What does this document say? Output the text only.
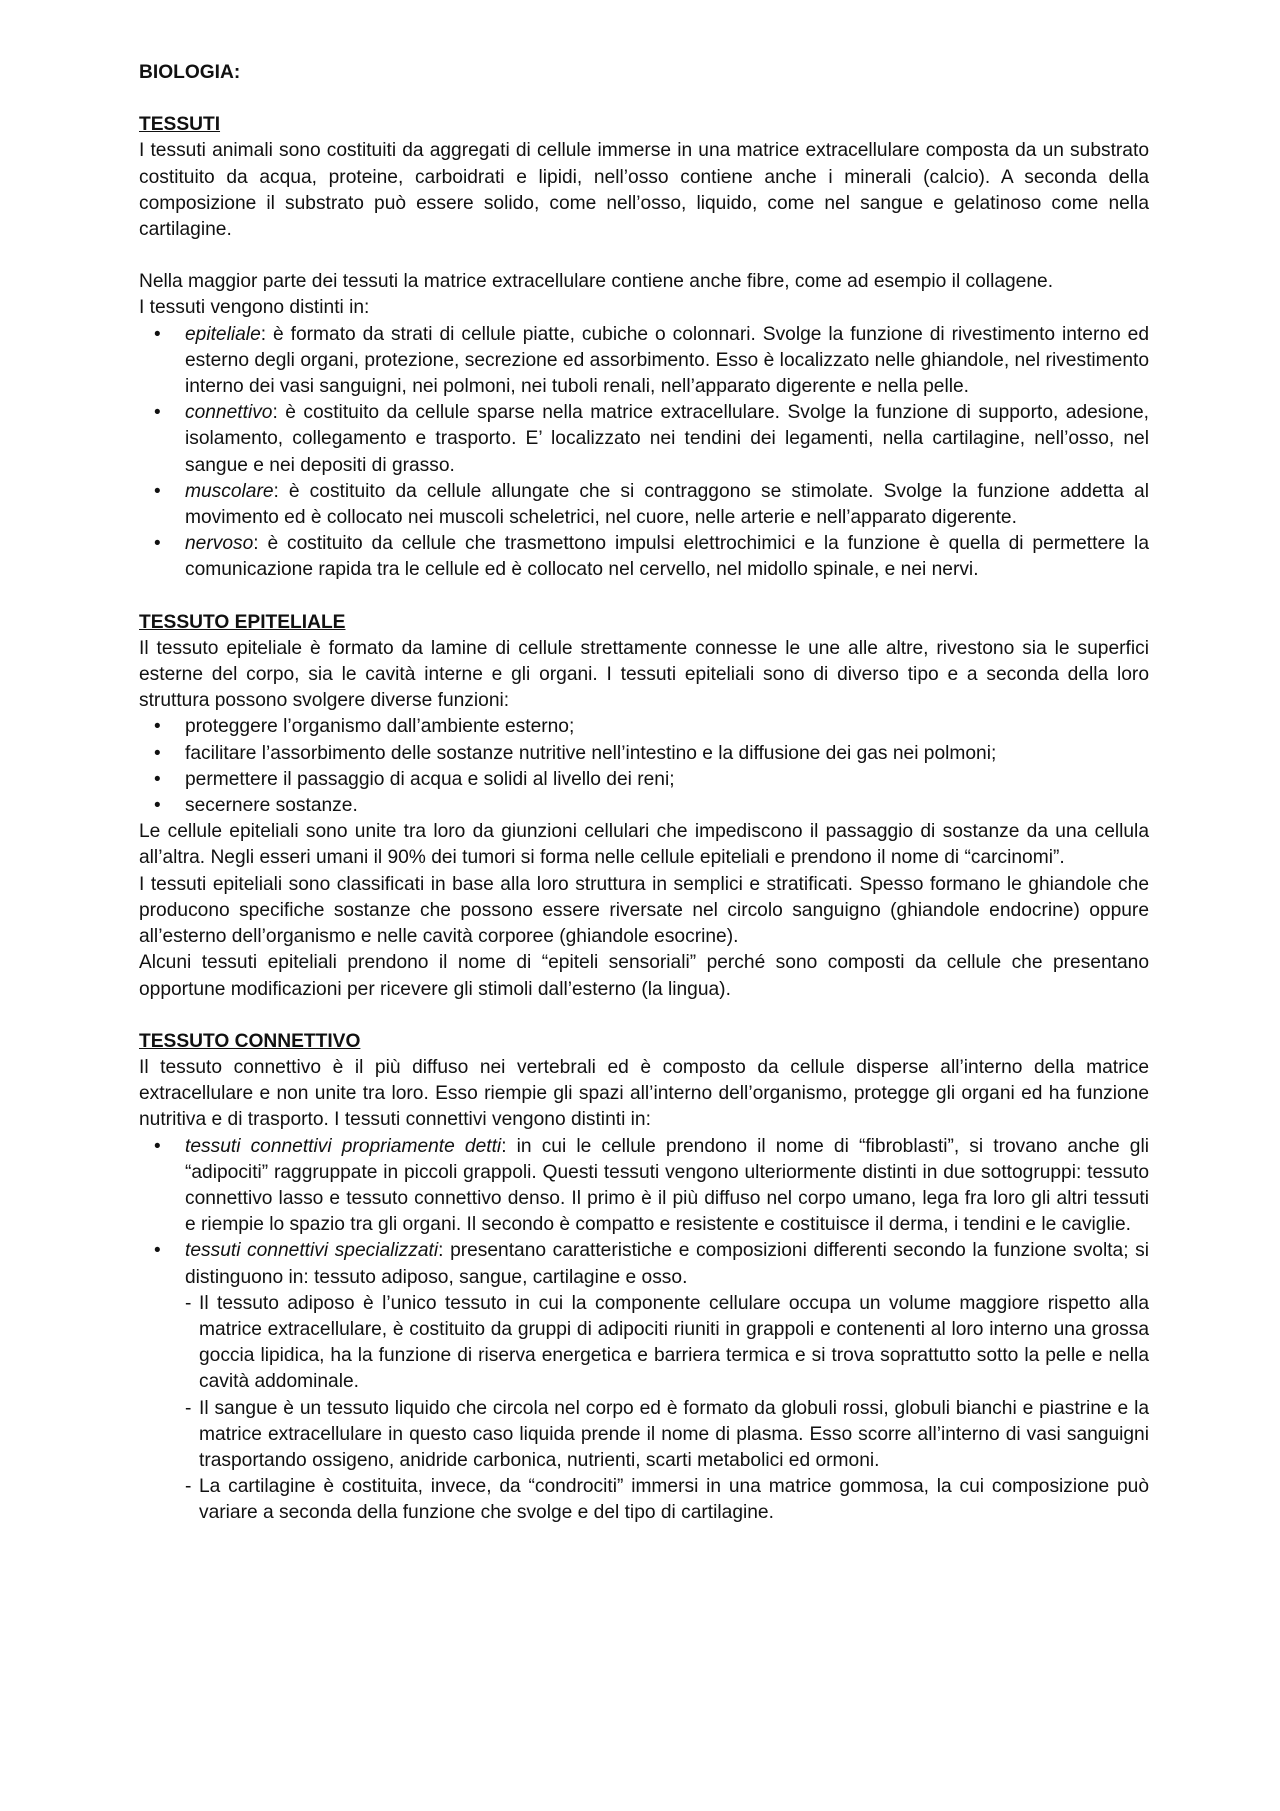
BIOLOGIA:
TESSUTI

I tessuti animali sono costituiti da aggregati di cellule immerse in una matrice extracellulare composta da un substrato costituito da acqua, proteine, carboidrati e lipidi, nell’osso contiene anche i minerali (calcio). A seconda della composizione il substrato può essere solido, come nell’osso, liquido, come nel sangue e gelatinoso come nella cartilagine.

Nella maggior parte dei tessuti la matrice extracellulare contiene anche fibre, come ad esempio il collagene.

I tessuti vengono distinti in:

• epiteliale: è formato da strati di cellule piatte, cubiche o colonnari. Svolge la funzione di rivestimento interno ed esterno degli organi, protezione, secrezione ed assorbimento. Esso è localizzato nelle ghiandole, nel rivestimento interno dei vasi sanguigni, nei polmoni, nei tuboli renali, nell’apparato digerente e nella pelle.
• connettivo: è costituito da cellule sparse nella matrice extracellulare. Svolge la funzione di supporto, adesione, isolamento, collegamento e trasporto. E’ localizzato nei tendini dei legamenti, nella cartilagine, nell’osso, nel sangue e nei depositi di grasso.
• muscolare: è costituito da cellule allungate che si contraggono se stimolate. Svolge la funzione addetta al movimento ed è collocato nei muscoli scheletrici, nel cuore, nelle arterie e nell’apparato digerente.
• nervoso: è costituito da cellule che trasmettono impulsi elettrochimici e la funzione è quella di permettere la comunicazione rapida tra le cellule ed è collocato nel cervello, nel midollo spinale, e nei nervi.
TESSUTO EPITELIALE

Il tessuto epiteliale è formato da lamine di cellule strettamente connesse le une alle altre, rivestono sia le superfici esterne del corpo, sia le cavità interne e gli organi. I tessuti epiteliali sono di diverso tipo e a seconda della loro struttura possono svolgere diverse funzioni:

• proteggere l’organismo dall’ambiente esterno;
• facilitare l’assorbimento delle sostanze nutritive nell’intestino e la diffusione dei gas nei polmoni;
• permettere il passaggio di acqua e solidi al livello dei reni;
• secernere sostanze.

Le cellule epiteliali sono unite tra loro da giunzioni cellulari che impediscono il passaggio di sostanze da una cellula all’altra. Negli esseri umani il 90% dei tumori si forma nelle cellule epiteliali e prendono il nome di “carcinomi”.

I tessuti epiteliali sono classificati in base alla loro struttura in semplici e stratificati. Spesso formano le ghiandole che producono specifiche sostanze che possono essere riversate nel circolo sanguigno (ghiandole endocrine) oppure all’esterno dell’organismo e nelle cavità corporee (ghiandole esocrine).

Alcuni tessuti epiteliali prendono il nome di “epiteli sensoriali” perché sono composti da cellule che presentano opportune modificazioni per ricevere gli stimoli dall’esterno (la lingua).

TESSUTO CONNETTIVO

Il tessuto connettivo è il più diffuso nei vertebrali ed è composto da cellule disperse all’interno della matrice extracellulare e non unite tra loro. Esso riempie gli spazi all’interno dell’organismo, protegge gli organi ed ha funzione nutritiva e di trasporto. I tessuti connettivi vengono distinti in:

• tessuti connettivi propriamente detti: in cui le cellule prendono il nome di “fibroblasti”, si trovano anche gli “adipociti” raggruppate in piccoli grappoli. Questi tessuti vengono ulteriormente distinti in due sottogruppi: tessuto connettivo lasso e tessuto connettivo denso. Il primo è il più diffuso nel corpo umano, lega fra loro gli altri tessuti e riempie lo spazio tra gli organi. Il secondo è compatto e resistente e costituisce il derma, i tendini e le caviglie.
• tessuti connettivi specializzati: presentano caratteristiche e composizioni differenti secondo la funzione svolta; si distinguono in: tessuto adiposo, sangue, cartilagine e osso.
- Il tessuto adiposo è l’unico tessuto in cui la componente cellulare occupa un volume maggiore rispetto alla matrice extracellulare, è costituito da gruppi di adipociti riuniti in grappoli e contenenti al loro interno una grossa goccia lipidica, ha la funzione di riserva energetica e barriera termica e si trova soprattutto sotto la pelle e nella cavità addominale.
- Il sangue è un tessuto liquido che circola nel corpo ed è formato da globuli rossi, globuli bianchi e piastrine e la matrice extracellulare in questo caso liquida prende il nome di plasma. Esso scorre all’interno di vasi sanguigni trasportando ossigeno, anidride carbonica, nutrienti, scarti metabolici ed ormoni.
- La cartilagine è costituita, invece, da “condrociti” immersi in una matrice gommosa, la cui composizione può variare a seconda della funzione che svolge e del tipo di cartilagine.
